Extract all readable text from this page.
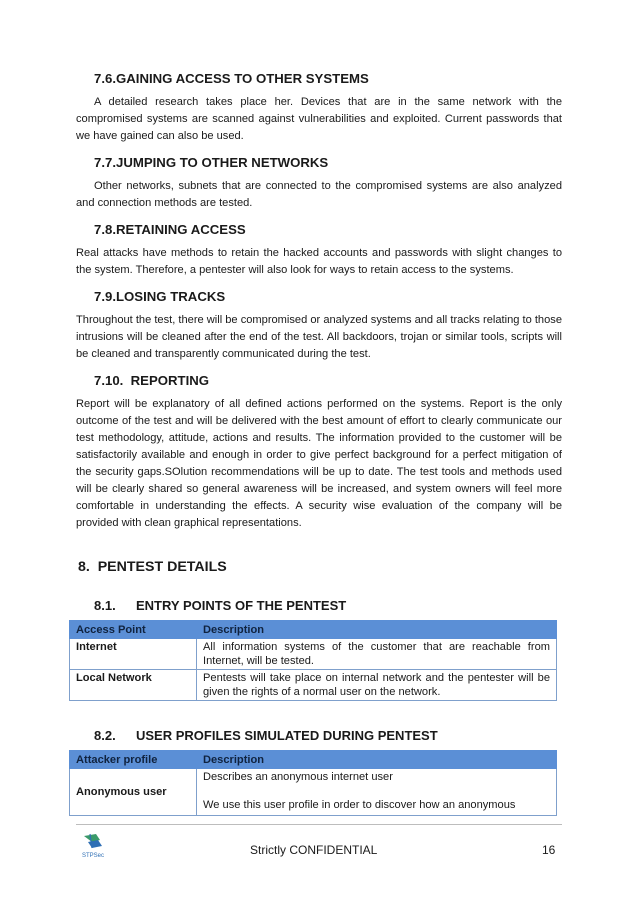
7.6.GAINING ACCESS TO OTHER SYSTEMS

A detailed research takes place her. Devices that are in the same network with the compromised systems are scanned against vulnerabilities and exploited. Current passwords that we have gained can also be used.

7.7.JUMPING TO OTHER NETWORKS

Other networks, subnets that are connected to the compromised systems are also analyzed and connection methods are tested.

7.8.RETAINING ACCESS

Real attacks have methods to retain the hacked accounts and passwords with slight changes to the system. Therefore, a pentester will also look for ways to retain access to the systems.

7.9.LOSING TRACKS

Throughout the test, there will be compromised or analyzed systems and all tracks relating to those intrusions will be cleaned after the end of the test. All backdoors, trojan or similar tools, scripts will be cleaned and transparently communicated during the test.

7.10.  REPORTING

Report will be explanatory of all defined actions performed on the systems. Report is the only outcome of the test and will be delivered with the best amount of effort to clearly communicate our test methodology, attitude, actions and results. The information provided to the customer will be satisfactorily available and enough in order to give perfect background for a perfect mitigation of the security gaps.SOlution recommendations will be up to date. The test tools and methods used will be clearly shared so general awareness will be increased, and system owners will feel more comfortable in understanding the effects. A security wise evaluation of the company will be provided with clean graphical representations.

8.  PENTEST DETAILS
8.1. ENTRY POINTS OF THE PENTEST
Access Point	Description
Internet	All information systems of the customer that are reachable from Internet, will be tested.
Local Network	Pentests will take place on internal network and the pentester will be given the rights of a normal user on the network.
8.2. USER PROFILES SIMULATED DURING PENTEST
Attacker profile	Description
Anonymous user	Describes an anonymous internet user
We use this user profile in order to discover how an anonymous
STPSec	Strictly CONFIDENTIAL	16
